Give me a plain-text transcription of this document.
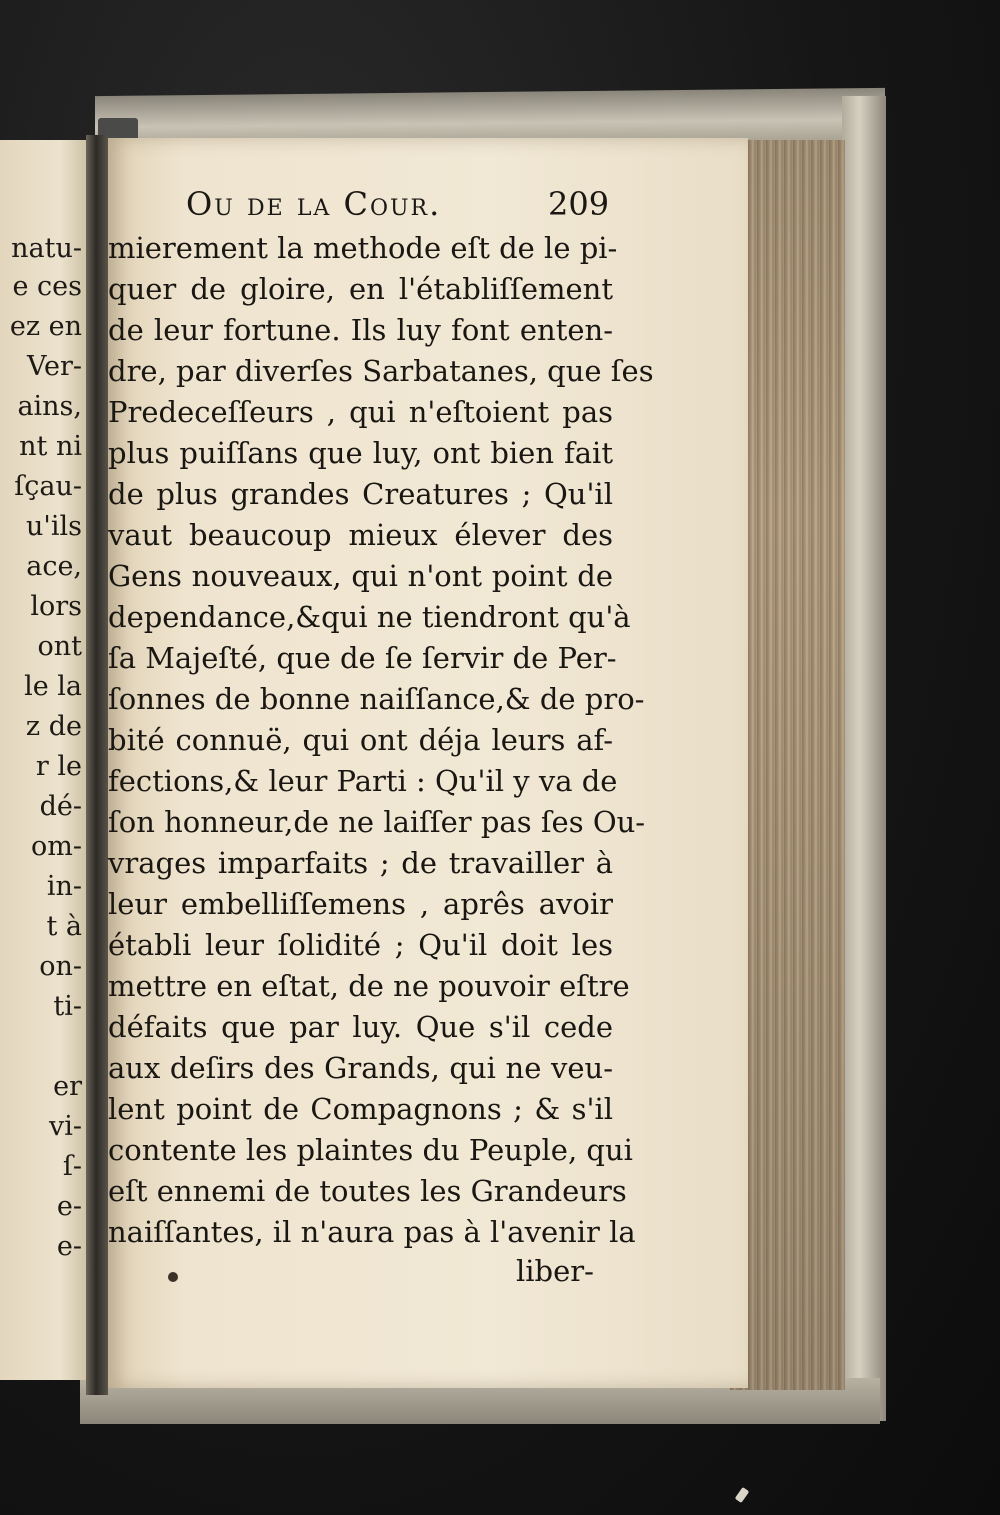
natu-
e ces
ez en
Ver-
ains,
nt ni
ſçau-
u'ils
ace,
lors
ont
le la
z de
r le
dé-
om-
in-
t à
on-
ti-
er
vi-
ſ-
e-
e-
Ou de la Cour.	209
mierement la methode eſt de le pi-
quer de gloire, en l'établiſſement
de leur fortune. Ils luy font enten-
dre, par diverſes Sarbatanes, que ſes
Predeceſſeurs , qui n'eſtoient pas
plus puiſſans que luy, ont bien fait
de plus grandes Creatures ; Qu'il
vaut beaucoup mieux élever des
Gens nouveaux, qui n'ont point de
dependance,&qui ne tiendront qu'à
ſa Majeſté, que de ſe ſervir de Per-
ſonnes de bonne naiſſance,& de pro-
bité connuë, qui ont déja leurs af-
fections,& leur Parti : Qu'il y va de
ſon honneur,de ne laiſſer pas ſes Ou-
vrages imparfaits ; de travailler à
leur embelliſſemens , aprês avoir
établi leur ſolidité ; Qu'il doit les
mettre en eſtat, de ne pouvoir eſtre
défaits que par luy. Que s'il cede
aux deſirs des Grands, qui ne veu-
lent point de Compagnons ; & s'il
contente les plaintes du Peuple, qui
eſt ennemi de toutes les Grandeurs
naiſſantes, il n'aura pas à l'avenir la
liber-
